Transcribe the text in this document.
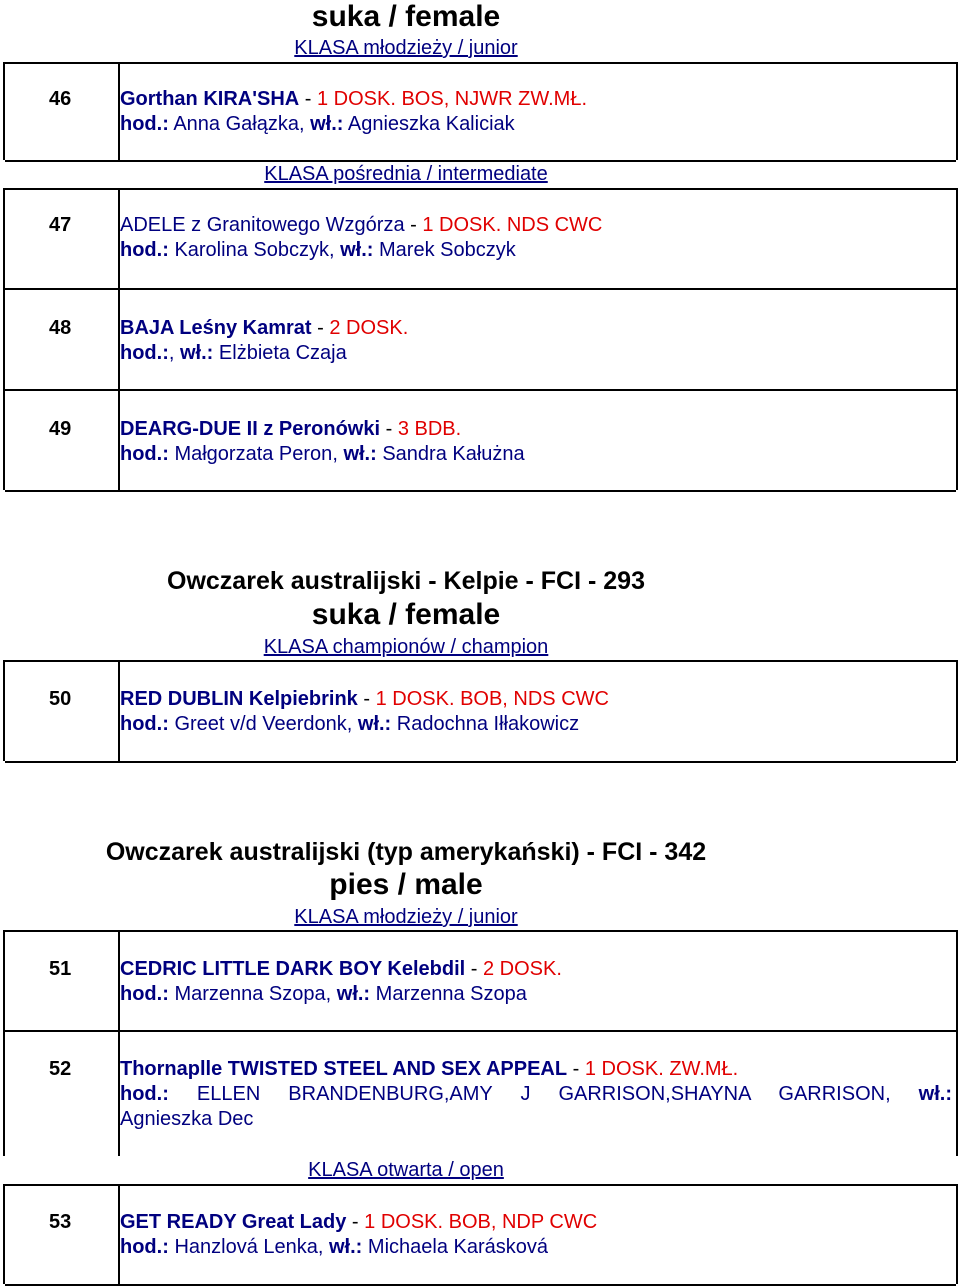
suka / female
KLASA młodzieży / junior
46 Gorthan KIRA'SHA - 1 DOSK. BOS, NJWR ZW.MŁ.
hod.: Anna Gałązka, wł.: Agnieszka Kaliciak
KLASA pośrednia / intermediate
47 ADELE z Granitowego Wzgórza - 1 DOSK. NDS CWC
hod.: Karolina Sobczyk, wł.: Marek Sobczyk
48 BAJA Leśny Kamrat - 2 DOSK.
hod.:, wł.: Elżbieta Czaja
49 DEARG-DUE II z Peronówki - 3 BDB.
hod.: Małgorzata Peron, wł.: Sandra Kałużna
Owczarek australijski - Kelpie - FCI - 293
suka / female
KLASA championów / champion
50 RED DUBLIN Kelpiebrink - 1 DOSK. BOB, NDS CWC
hod.: Greet v/d Veerdonk, wł.: Radochna Iłłakowicz
Owczarek australijski (typ amerykański) - FCI - 342
pies / male
KLASA młodzieży / junior
51 CEDRIC LITTLE DARK BOY Kelebdil - 2 DOSK.
hod.: Marzenna Szopa, wł.: Marzenna Szopa
52 Thornaplle TWISTED STEEL AND SEX APPEAL - 1 DOSK. ZW.MŁ.
hod.: ELLEN BRANDENBURG,AMY J GARRISON,SHAYNA GARRISON, wł.:
Agnieszka Dec
KLASA otwarta / open
53 GET READY Great Lady - 1 DOSK. BOB, NDP CWC
hod.: Hanzlová Lenka, wł.: Michaela Karásková
